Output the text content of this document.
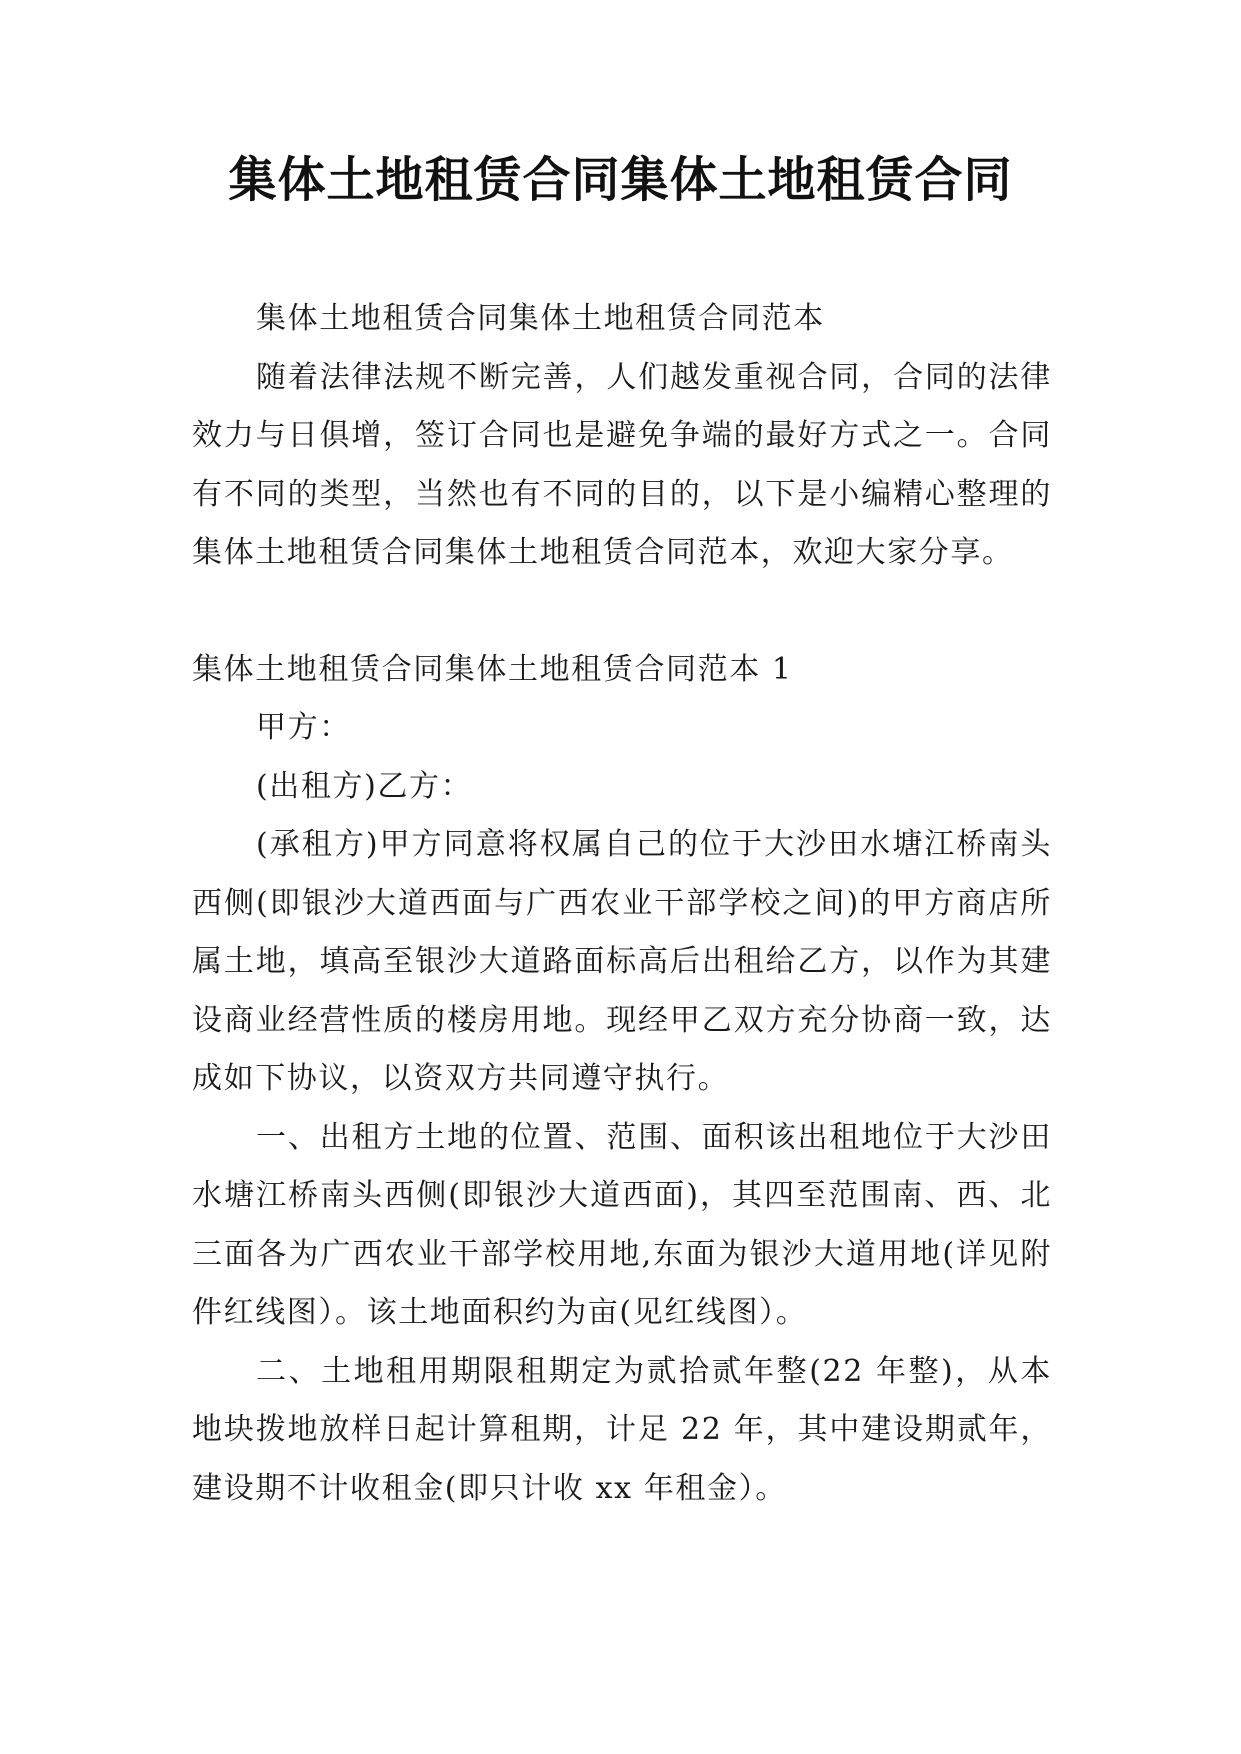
集体土地租赁合同集体土地租赁合同

集体土地租赁合同集体土地租赁合同范本

随着法律法规不断完善，人们越发重视合同，合同的法律效力与日俱增，签订合同也是避免争端的最好方式之一。合同有不同的类型，当然也有不同的目的，以下是小编精心整理的集体土地租赁合同集体土地租赁合同范本，欢迎大家分享。

集体土地租赁合同集体土地租赁合同范本 1

甲方：

(出租方)乙方：

(承租方)甲方同意将权属自己的位于大沙田水塘江桥南头西侧(即银沙大道西面与广西农业干部学校之间)的甲方商店所属土地，填高至银沙大道路面标高后出租给乙方，以作为其建设商业经营性质的楼房用地。现经甲乙双方充分协商一致，达成如下协议，以资双方共同遵守执行。

一、出租方土地的位置、范围、面积该出租地位于大沙田水塘江桥南头西侧(即银沙大道西面)，其四至范围南、西、北三面各为广西农业干部学校用地,东面为银沙大道用地(详见附件红线图）。该土地面积约为亩(见红线图）。

二、土地租用期限租期定为贰拾贰年整(22 年整)，从本地块拨地放样日起计算租期，计足 22 年，其中建设期贰年，建设期不计收租金(即只计收 xx 年租金）。
